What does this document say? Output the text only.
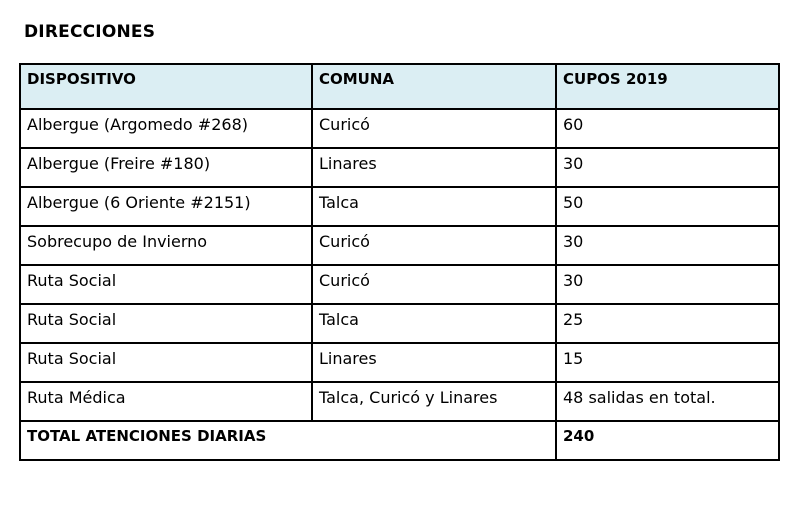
DIRECCIONES
DISPOSITIVO	COMUNA	CUPOS 2019
Albergue (Argomedo #268)	Curicó	60
Albergue (Freire #180)	Linares	30
Albergue (6 Oriente #2151)	Talca	50
Sobrecupo de Invierno	Curicó	30
Ruta Social	Curicó	30
Ruta Social	Talca	25
Ruta Social	Linares	15
Ruta Médica	Talca, Curicó y Linares	48 salidas en total.
TOTAL ATENCIONES DIARIAS		240
